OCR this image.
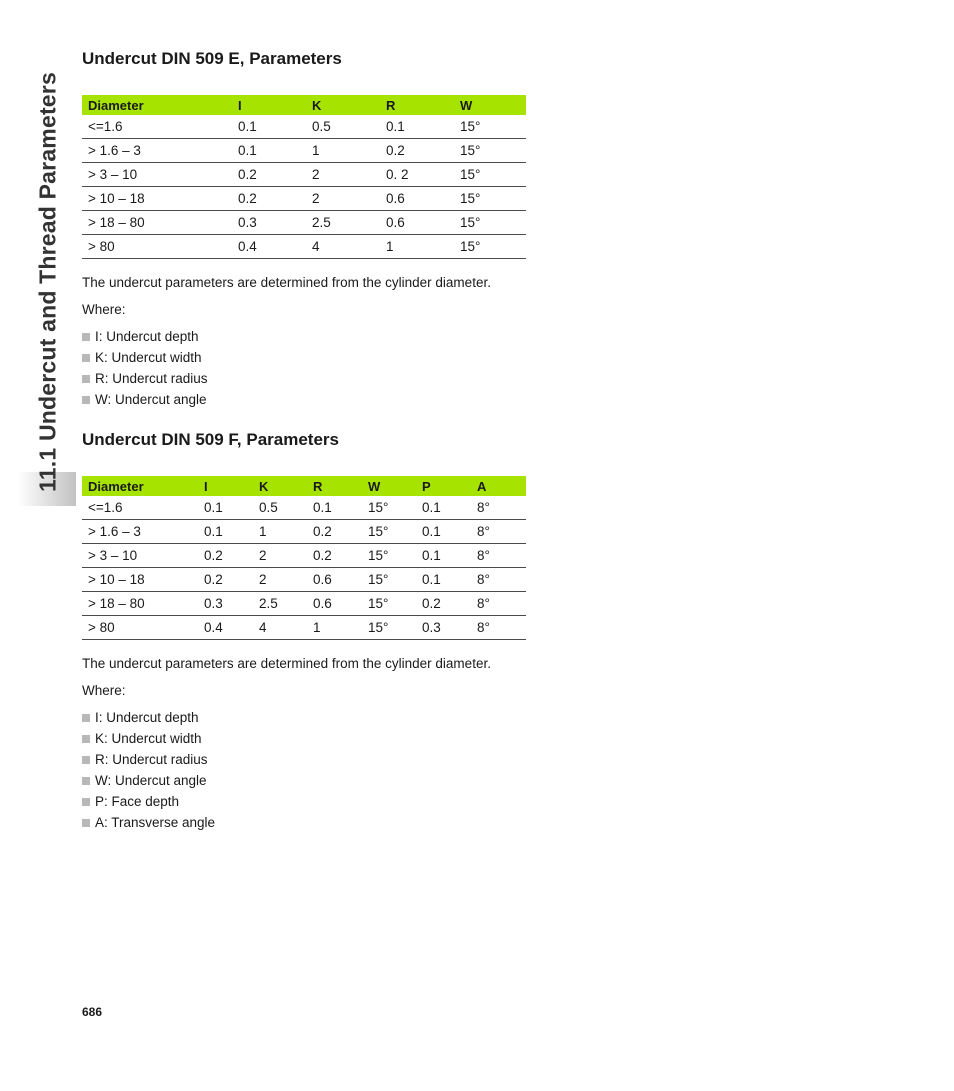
11.1 Undercut and Thread Parameters
Undercut DIN 509 E, Parameters
Diameter	I	K	R	W
<=1.6	0.1	0.5	0.1	15°
> 1.6 – 3	0.1	1	0.2	15°
> 3 – 10	0.2	2	0. 2	15°
> 10 – 18	0.2	2	0.6	15°
> 18 – 80	0.3	2.5	0.6	15°
> 80	0.4	4	1	15°

The undercut parameters are determined from the cylinder diameter.

Where:

I: Undercut depth
K: Undercut width
R: Undercut radius
W: Undercut angle
Undercut DIN 509 F, Parameters
Diameter	I	K	R	W	P	A
<=1.6	0.1	0.5	0.1	15°	0.1	8°
> 1.6 – 3	0.1	1	0.2	15°	0.1	8°
> 3 – 10	0.2	2	0.2	15°	0.1	8°
> 10 – 18	0.2	2	0.6	15°	0.1	8°
> 18 – 80	0.3	2.5	0.6	15°	0.2	8°
> 80	0.4	4	1	15°	0.3	8°

The undercut parameters are determined from the cylinder diameter.

Where:

I: Undercut depth
K: Undercut width
R: Undercut radius
W: Undercut angle
P: Face depth
A: Transverse angle
686
